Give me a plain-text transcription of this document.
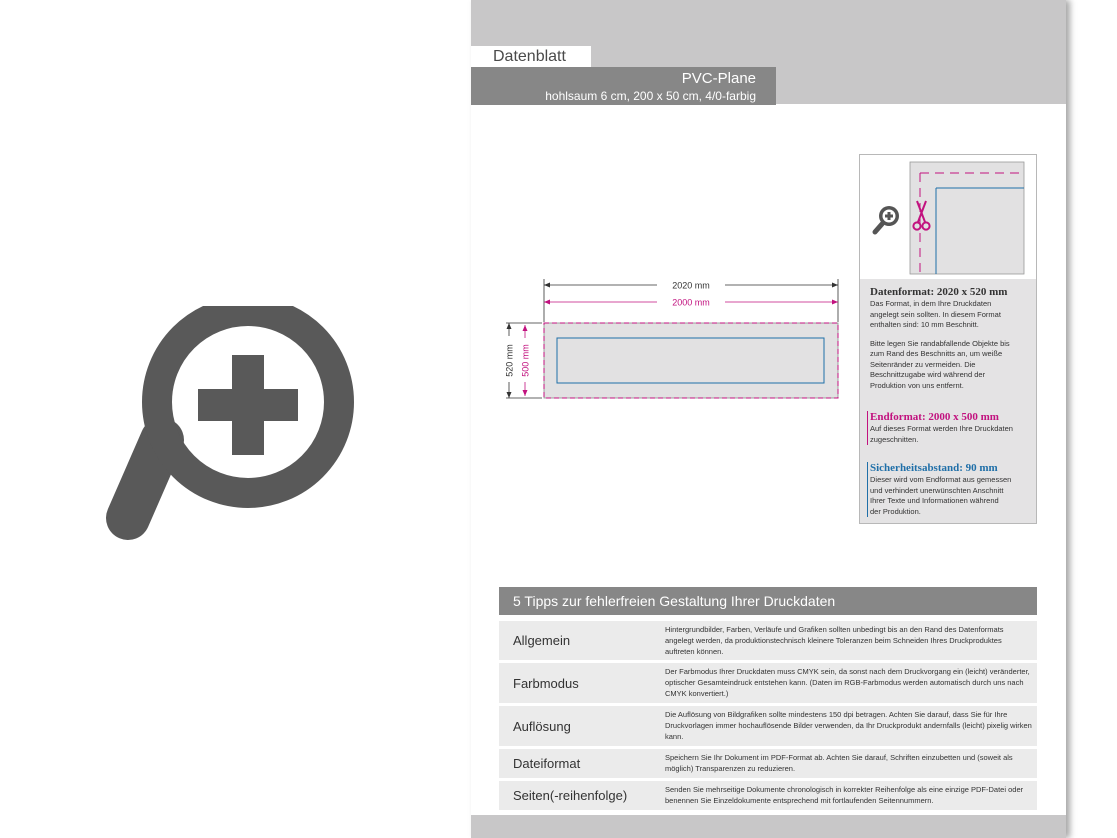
Datenblatt
PVC-Plane
hohlsaum 6 cm, 200 x 50 cm, 4/0-farbig
2020 mm
2000 mm
520 mm 500 mm
Datenformat: 2020 x 520 mm
Das Format, in dem Ihre Druckdaten
angelegt sein sollten. In diesem Format
enthalten sind: 10 mm Beschnitt.
Bitte legen Sie randabfallende Objekte bis
zum Rand des Beschnitts an, um weiße
Seitenränder zu vermeiden. Die
Beschnittzugabe wird während der
Produktion von uns entfernt.
Endformat: 2000 x 500 mm
Auf dieses Format werden Ihre Druckdaten
zugeschnitten.
Sicherheitsabstand: 90 mm
Dieser wird vom Endformat aus gemessen
und verhindert unerwünschten Anschnitt
Ihrer Texte und Informationen während
der Produktion.
5 Tipps zur fehlerfreien Gestaltung Ihrer Druckdaten
Allgemein
Hintergrundbilder, Farben, Verläufe und Grafiken sollten unbedingt bis an den Rand des Datenformats angelegt werden, da produktionstechnisch kleinere Toleranzen beim Schneiden Ihres Druckproduktes auftreten können.
Farbmodus
Der Farbmodus Ihrer Druckdaten muss CMYK sein, da sonst nach dem Druckvorgang ein (leicht) veränderter, optischer Gesamteindruck entstehen kann. (Daten im RGB-Farbmodus werden automatisch durch uns nach CMYK konvertiert.)
Auflösung
Die Auflösung von Bildgrafiken sollte mindestens 150 dpi betragen. Achten Sie darauf, dass Sie für Ihre Druckvorlagen immer hochauflösende Bilder verwenden, da Ihr Druckprodukt andernfalls (leicht) pixelig wirken kann.
Dateiformat	Speichern Sie Ihr Dokument im PDF-Format ab. Achten Sie darauf, Schriften einzubetten und (soweit als möglich) Transparenzen zu reduzieren.
Seiten(-reihenfolge)	Senden Sie mehrseitige Dokumente chronologisch in korrekter Reihenfolge als eine einzige PDF-Datei oder benennen Sie Einzeldokumente entsprechend mit fortlaufenden Seitennummern.
